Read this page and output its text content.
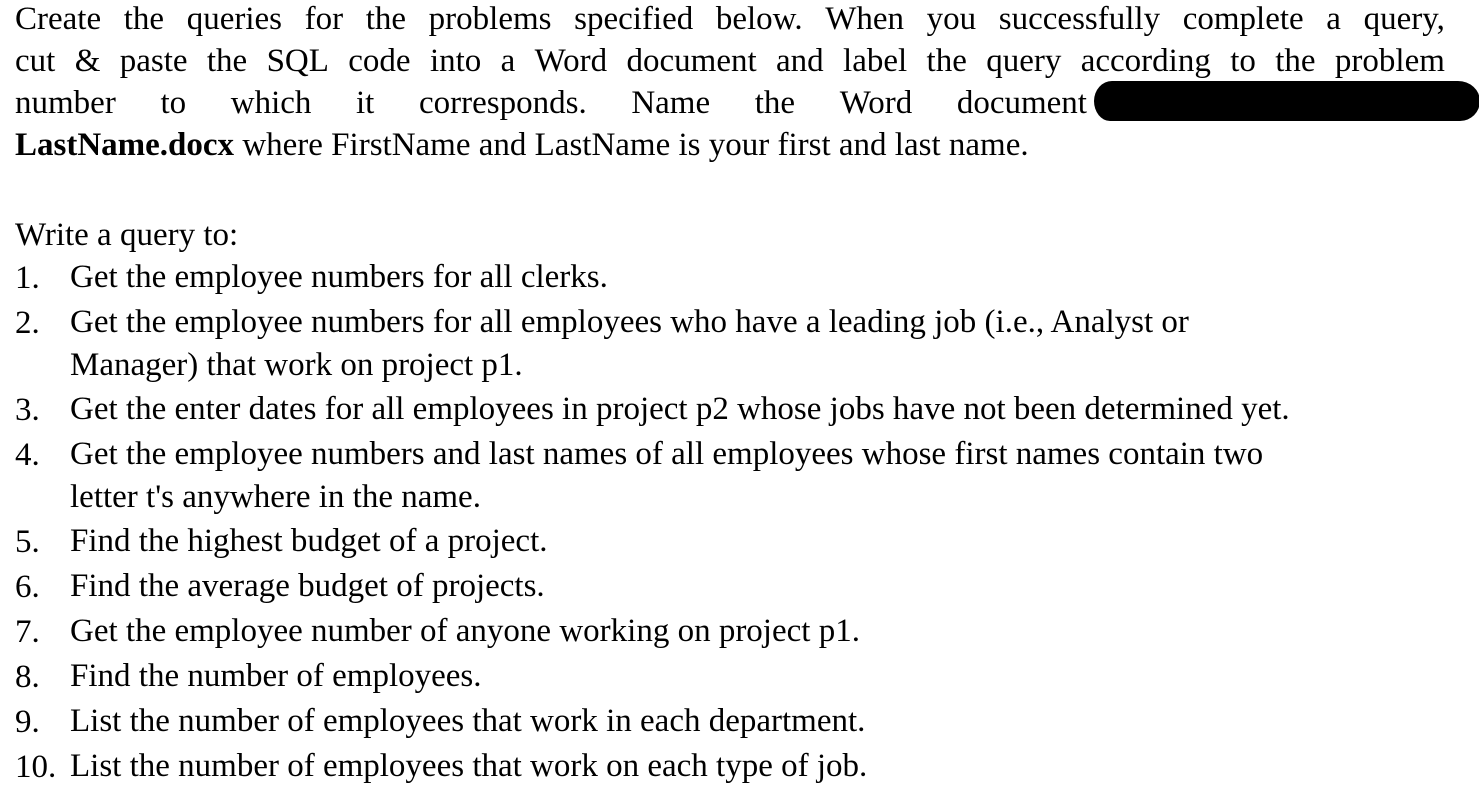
Create the queries for the problems specified below. When you successfully complete a query,
cut & paste the SQL code into a Word document and label the query according to the problem
number to which it corresponds. Name the Word document
LastName.docx where FirstName and LastName is your first and last name.
Write a query to:
1. Get the employee numbers for all clerks.
2. Get the employee numbers for all employees who have a leading job (i.e., Analyst or
Manager) that work on project p1.
3. Get the enter dates for all employees in project p2 whose jobs have not been determined yet.
4. Get the employee numbers and last names of all employees whose first names contain two
letter t's anywhere in the name.
5. Find the highest budget of a project.
6. Find the average budget of projects.
7. Get the employee number of anyone working on project p1.
8. Find the number of employees.
9. List the number of employees that work in each department.
10. List the number of employees that work on each type of job.
